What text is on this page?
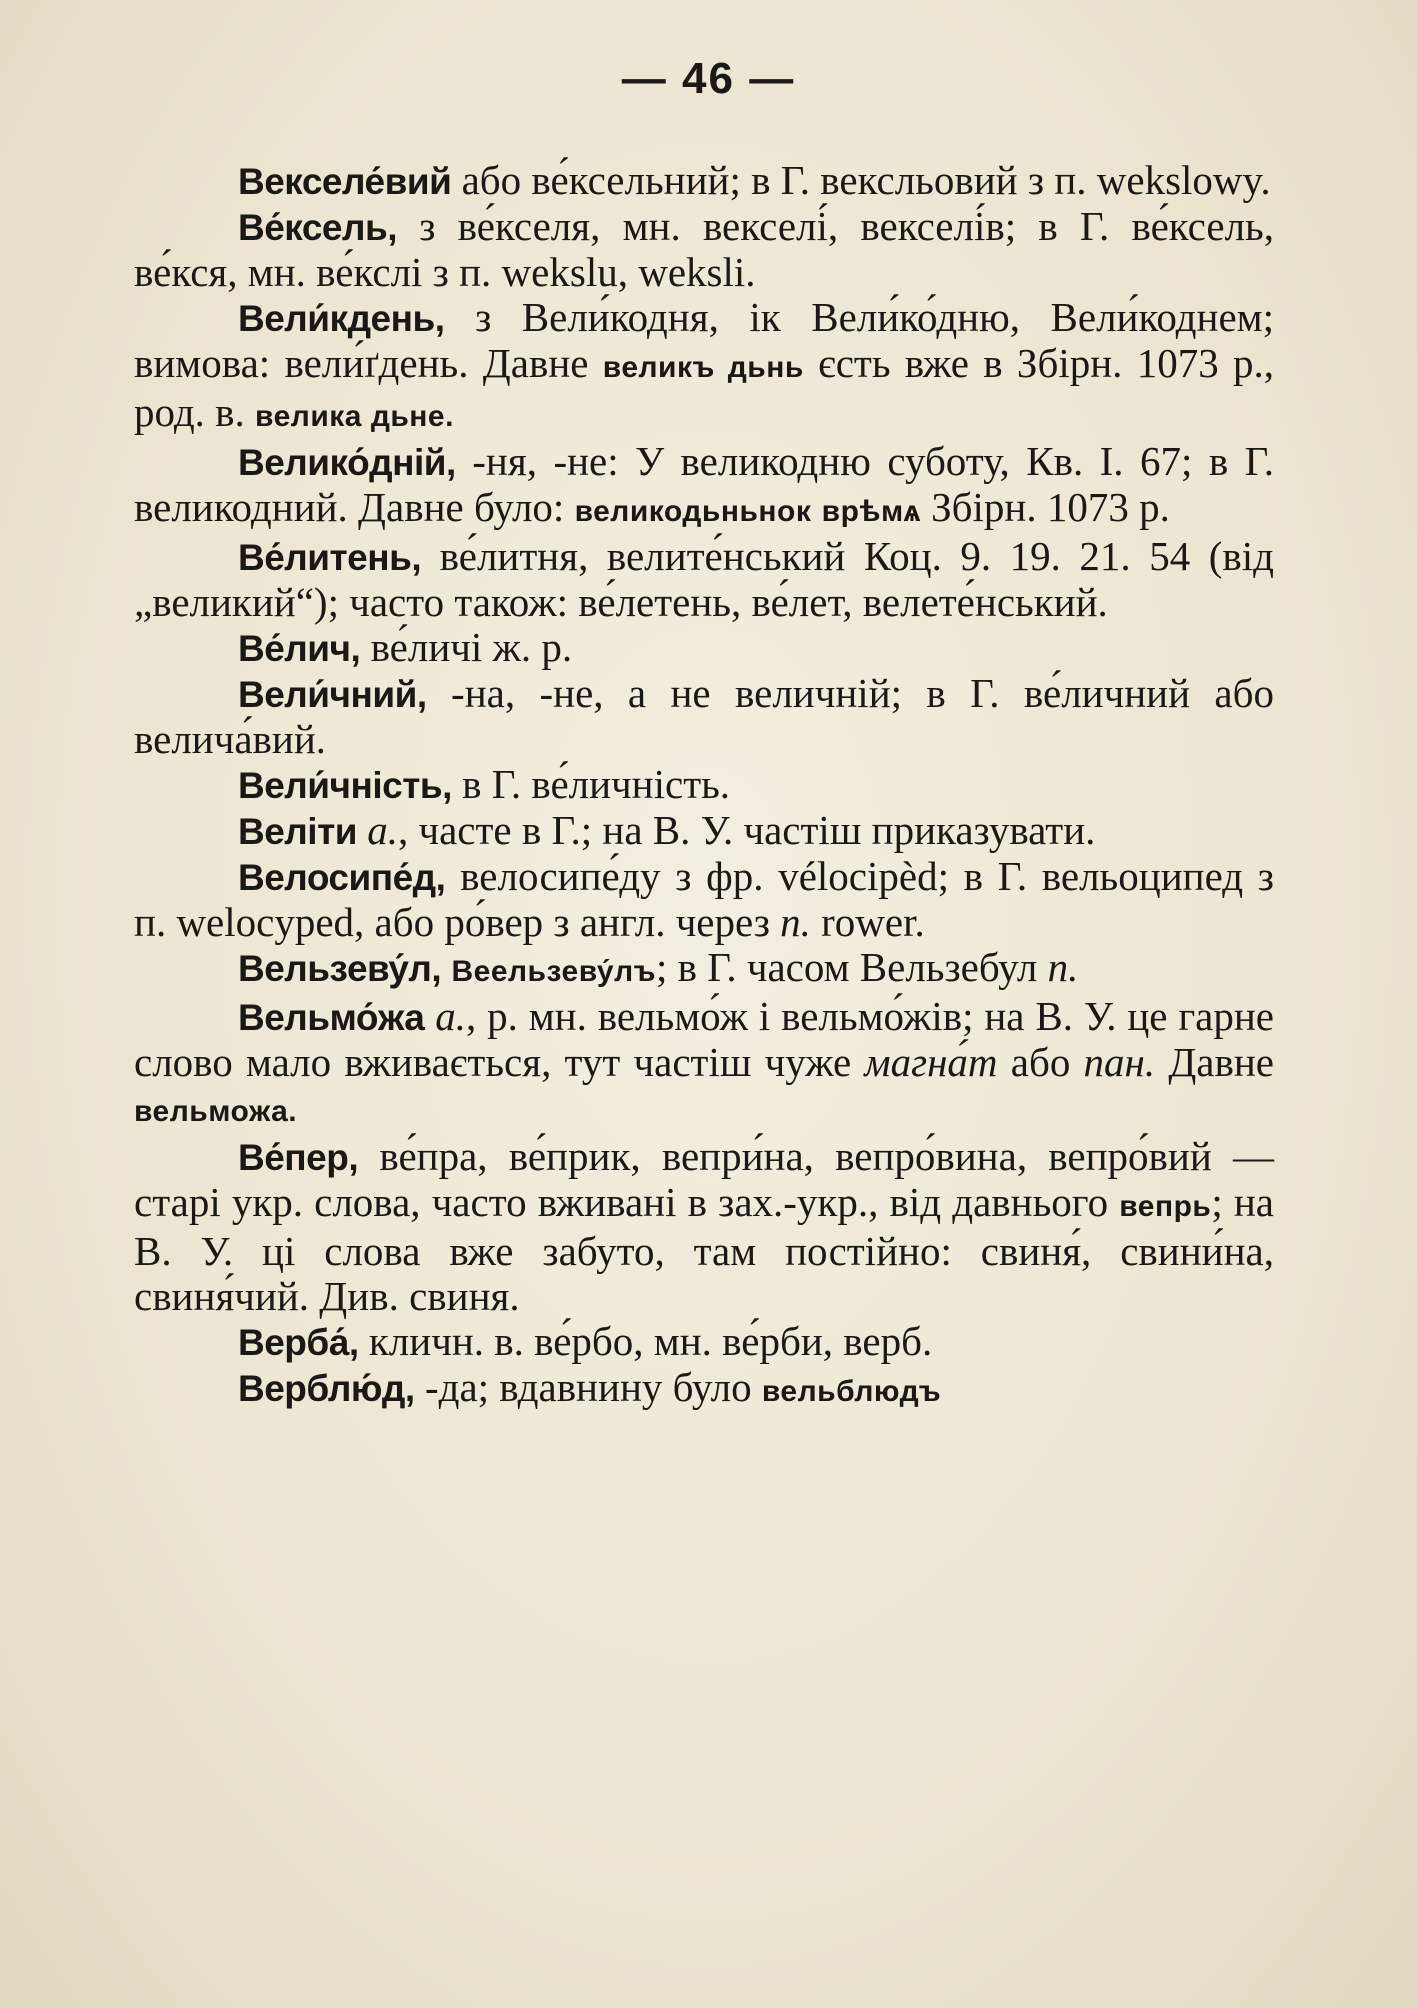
— 46 —

Векселе́вий або ве́ксельний; в Г. вексльовий з п. wekslowy.

Ве́ксель, з ве́кселя, мн. векселі́, векселі́в; в Г. ве́ксель, ве́кся, мн. ве́кслі з п. wekslu, weksli.

Вели́кдень, з Вели́кодня, ік Вели́ко́дню, Вели́коднем; вимова: вели́ґдень. Давне великъ дьнь єсть вже в Збірн. 1073 р., род. в. велика дьне.

Велико́дній, -ня, -не: У великодню суботу, Кв. І. 67; в Г. великодний. Давне було: великодьньнок врѣмѧ Збірн. 1073 р.

Ве́литень, ве́литня, велите́нський Коц. 9. 19. 21. 54 (від „великий“); часто також: ве́летень, ве́лет, велете́нський.

Ве́лич, ве́личі ж. р.

Вели́чний, -на, -не, а не величній; в Г. ве́личний або велича́вий.

Вели́чність, в Г. ве́личність.

Веліти а., часте в Г.; на В. У. частіш приказувати.

Велосипе́д, велосипе́ду з фр. vélocipèd; в Г. вельоципед з п. welocyped, або ро́вер з англ. через п. rower.

Вельзеву́л, Веельзеву́лъ; в Г. часом Вельзебул п.

Вельмо́жа а., р. мн. вельмо́ж і вельмо́жів; на В. У. це гарне слово мало вживається, тут частіш чуже магна́т або пан. Давне вельможа.

Ве́пер, ве́пра, ве́прик, вепри́на, вепро́вина, вепро́вий — старі укр. слова, часто вживані в зах.-укр., від давнього вепрь; на В. У. ці слова вже забуто, там постійно: свиня́, свини́на, свиня́чий. Див. свиня.

Верба́, кличн. в. ве́рбо, мн. ве́рби, верб.

Верблю́д, -да; вдавнину було вельблюдъ
